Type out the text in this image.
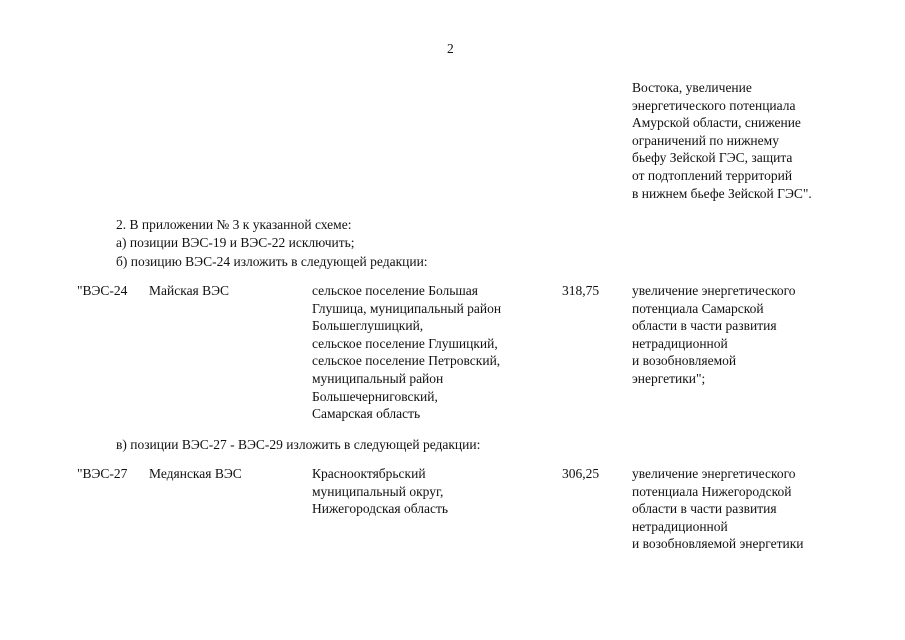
2
Востока, увеличение
энергетического потенциала
Амурской области, снижение
ограничений по нижнему
бьефу Зейской ГЭС, защита
от подтоплений территорий
в нижнем бьефе Зейской ГЭС".
2. В приложении № 3 к указанной схеме:
а) позиции ВЭС-19 и ВЭС-22 исключить;
б) позицию ВЭС-24 изложить в следующей редакции:
"ВЭС-24 Майская ВЭС	сельское поселение Большая
Глушица, муниципальный район
Большеглушицкий,
сельское поселение Глушицкий,
сельское поселение Петровский,
муниципальный район
Большечерниговский,
Самарская область
318,75 увеличение энергетического
потенциала Самарской
области в части развития
нетрадиционной
и возобновляемой
энергетики";
в) позиции ВЭС-27 - ВЭС-29 изложить в следующей редакции:
"ВЭС-27 Медянская ВЭС	Краснооктябрьский
муниципальный округ,
Нижегородская область
306,25 увеличение энергетического
потенциала Нижегородской
области в части развития
нетрадиционной
и возобновляемой энергетики
